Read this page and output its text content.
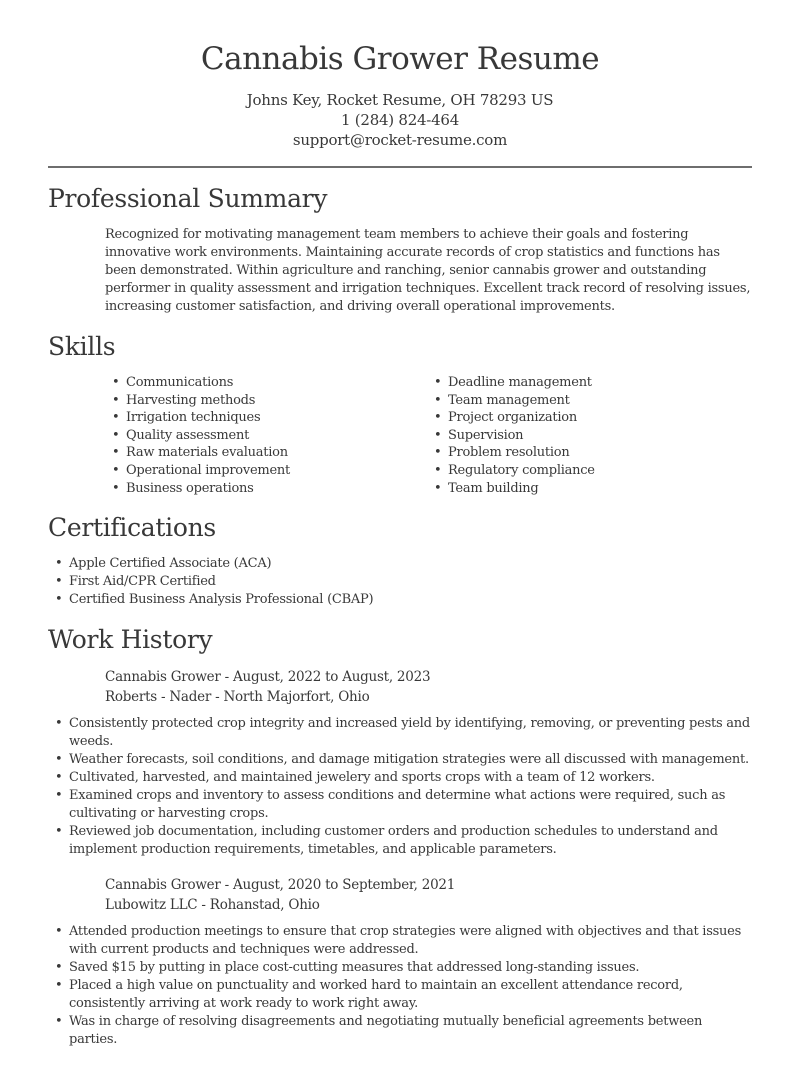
Cannabis Grower Resume
Johns Key, Rocket Resume, OH 78293 US
1 (284) 824-464
support@rocket-resume.com
Professional Summary

Recognized for motivating management team members to achieve their goals and fostering innovative work environments. Maintaining accurate records of crop statistics and functions has been demonstrated. Within agriculture and ranching, senior cannabis grower and outstanding performer in quality assessment and irrigation techniques. Excellent track record of resolving issues, increasing customer satisfaction, and driving overall operational improvements.

Skills
• Communications
• Harvesting methods
• Irrigation techniques
• Quality assessment
• Raw materials evaluation
• Operational improvement
• Business operations
• Deadline management
• Team management
• Project organization
• Supervision
• Problem resolution
• Regulatory compliance
• Team building
Certifications
• Apple Certified Associate (ACA)
• First Aid/CPR Certified
• Certified Business Analysis Professional (CBAP)
Work History
Cannabis Grower - August, 2022 to August, 2023
Roberts - Nader - North Majorfort, Ohio
• Consistently protected crop integrity and increased yield by identifying, removing, or preventing pests and weeds.
• Weather forecasts, soil conditions, and damage mitigation strategies were all discussed with management.
• Cultivated, harvested, and maintained jewelery and sports crops with a team of 12 workers.
• Examined crops and inventory to assess conditions and determine what actions were required, such as cultivating or harvesting crops.
• Reviewed job documentation, including customer orders and production schedules to understand and implement production requirements, timetables, and applicable parameters.
Cannabis Grower - August, 2020 to September, 2021
Lubowitz LLC - Rohanstad, Ohio
• Attended production meetings to ensure that crop strategies were aligned with objectives and that issues with current products and techniques were addressed.
• Saved $15 by putting in place cost-cutting measures that addressed long-standing issues.
• Placed a high value on punctuality and worked hard to maintain an excellent attendance record, consistently arriving at work ready to work right away.
• Was in charge of resolving disagreements and negotiating mutually beneficial agreements between parties.
